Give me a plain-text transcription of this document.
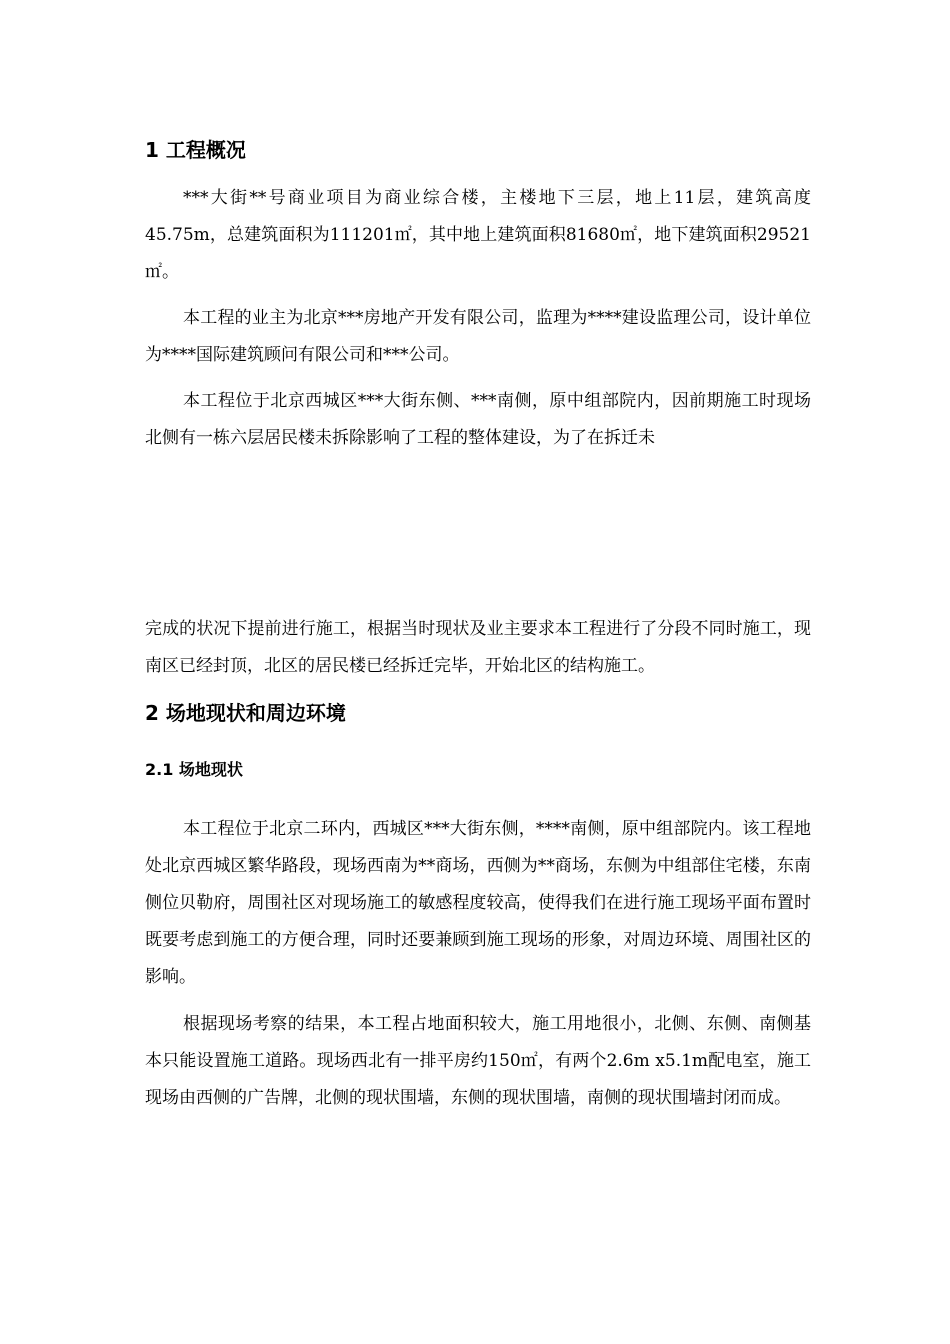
1 工程概况

***大街**号商业项目为商业综合楼，主楼地下三层，地上11层，建筑高度45.75m，总建筑面积为111201㎡，其中地上建筑面积81680㎡，地下建筑面积29521㎡。

本工程的业主为北京***房地产开发有限公司，监理为****建设监理公司，设计单位为****国际建筑顾问有限公司和***公司。

本工程位于北京西城区***大街东侧、***南侧，原中组部院内，因前期施工时现场北侧有一栋六层居民楼未拆除影响了工程的整体建设，为了在拆迁未

完成的状况下提前进行施工，根据当时现状及业主要求本工程进行了分段不同时施工，现南区已经封顶，北区的居民楼已经拆迁完毕，开始北区的结构施工。

2 场地现状和周边环境
2.1 场地现状

本工程位于北京二环内，西城区***大街东侧，****南侧，原中组部院内。该工程地处北京西城区繁华路段，现场西南为**商场，西侧为**商场，东侧为中组部住宅楼，东南侧位贝勒府，周围社区对现场施工的敏感程度较高，使得我们在进行施工现场平面布置时既要考虑到施工的方便合理，同时还要兼顾到施工现场的形象，对周边环境、周围社区的影响。

根据现场考察的结果，本工程占地面积较大，施工用地很小，北侧、东侧、南侧基本只能设置施工道路。现场西北有一排平房约150㎡，有两个2.6m x5.1m配电室，施工现场由西侧的广告牌，北侧的现状围墙，东侧的现状围墙，南侧的现状围墙封闭而成。
